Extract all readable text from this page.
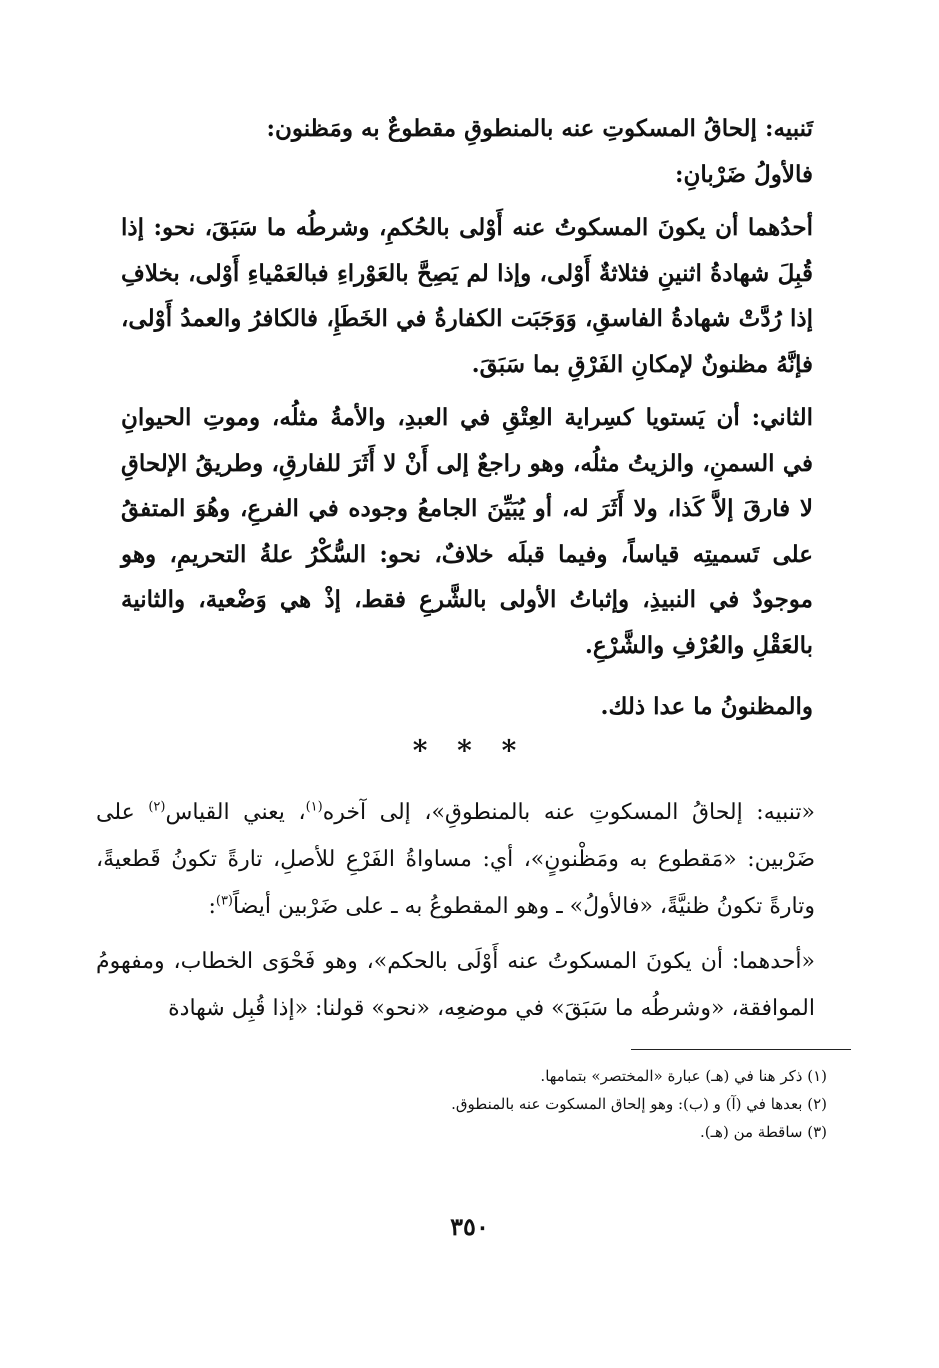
تَنبيه: إلحاقُ المسكوتِ عنه بالمنطوقِ مقطوعٌ به ومَظنون:

فالأولُ ضَرْبانِ:

أحدُهما أن يكونَ المسكوتُ عنه أَوْلى بالحُكمِ، وشرطُه ما سَبَقَ، نحو: إذا قُبِلَ شهادةُ اثنينِ فثلاثةٌ أَوْلى، وإذا لم يَصِحَّ بالعَوْراءِ فبالعَمْياءِ أَوْلى، بخلافِ إذا رُدَّتْ شهادةُ الفاسقِ، وَوَجَبَت الكفارةُ في الخَطَإِ، فالكافرُ والعمدُ أَوْلى، فإنَّهُ مظنونٌ لإمكانِ الفَرْقِ بما سَبَقَ.

الثاني: أن يَستويا كسِراية العِتْقِ في العبدِ، والأمةُ مثلُه، وموتِ الحيوانِ في السمنِ، والزيتُ مثلُه، وهو راجعٌ إلى أَنْ لا أَثَرَ للفارقِ، وطريقُ الإلحاقِ لا فارقَ إلاَّ كَذا، ولا أَثَرَ له، أو يُبَيِّنَ الجامعُ وجوده في الفرعِ، وهُوَ المتفقُ على تَسميتِه قياساً، وفيما قبلَه خلافٌ، نحو: السُّكْرُ علةُ التحريمِ، وهو موجودٌ في النبيذِ، وإثباتُ الأولى بالشَّرعِ فقط، إذْ هي وَضْعية، والثانية بالعَقْلِ والعُرْفِ والشَّرْعِ.

والمظنونُ ما عدا ذلك.

* * *

«تنبيه: إلحاقُ المسكوتِ عنه بالمنطوقِ»، إلى آخره$^{(١)}$، يعني القياس$^{(٢)}$ على ضَرْبين: «مَقطوع به ومَظْنونٍ»، أي: مساواةُ الفَرْعِ للأصلِ، تارةً تكونُ قَطعيةً، وتارةً تكونُ ظنيَّةً، «فالأولُ» ـ وهو المقطوعُ به ـ على ضَرْبين أيضاً$^{(٣)}$:

«أحدهما: أن يكونَ المسكوتُ عنه أَوْلَى بالحكم»، وهو فَحْوَى الخطاب، ومفهومُ الموافقة، «وشرطُه ما سَبَقَ» في موضعِه، «نحو» قولنا: «إذا قُبِل شهادة

(١) ذكر هنا في (هـ) عبارة «المختصر» بتمامها.

(٢) بعدها في (آ) و (ب): وهو إلحاق المسكوت عنه بالمنطوق.

(٣) ساقطة من (هـ).

٣٥٠
